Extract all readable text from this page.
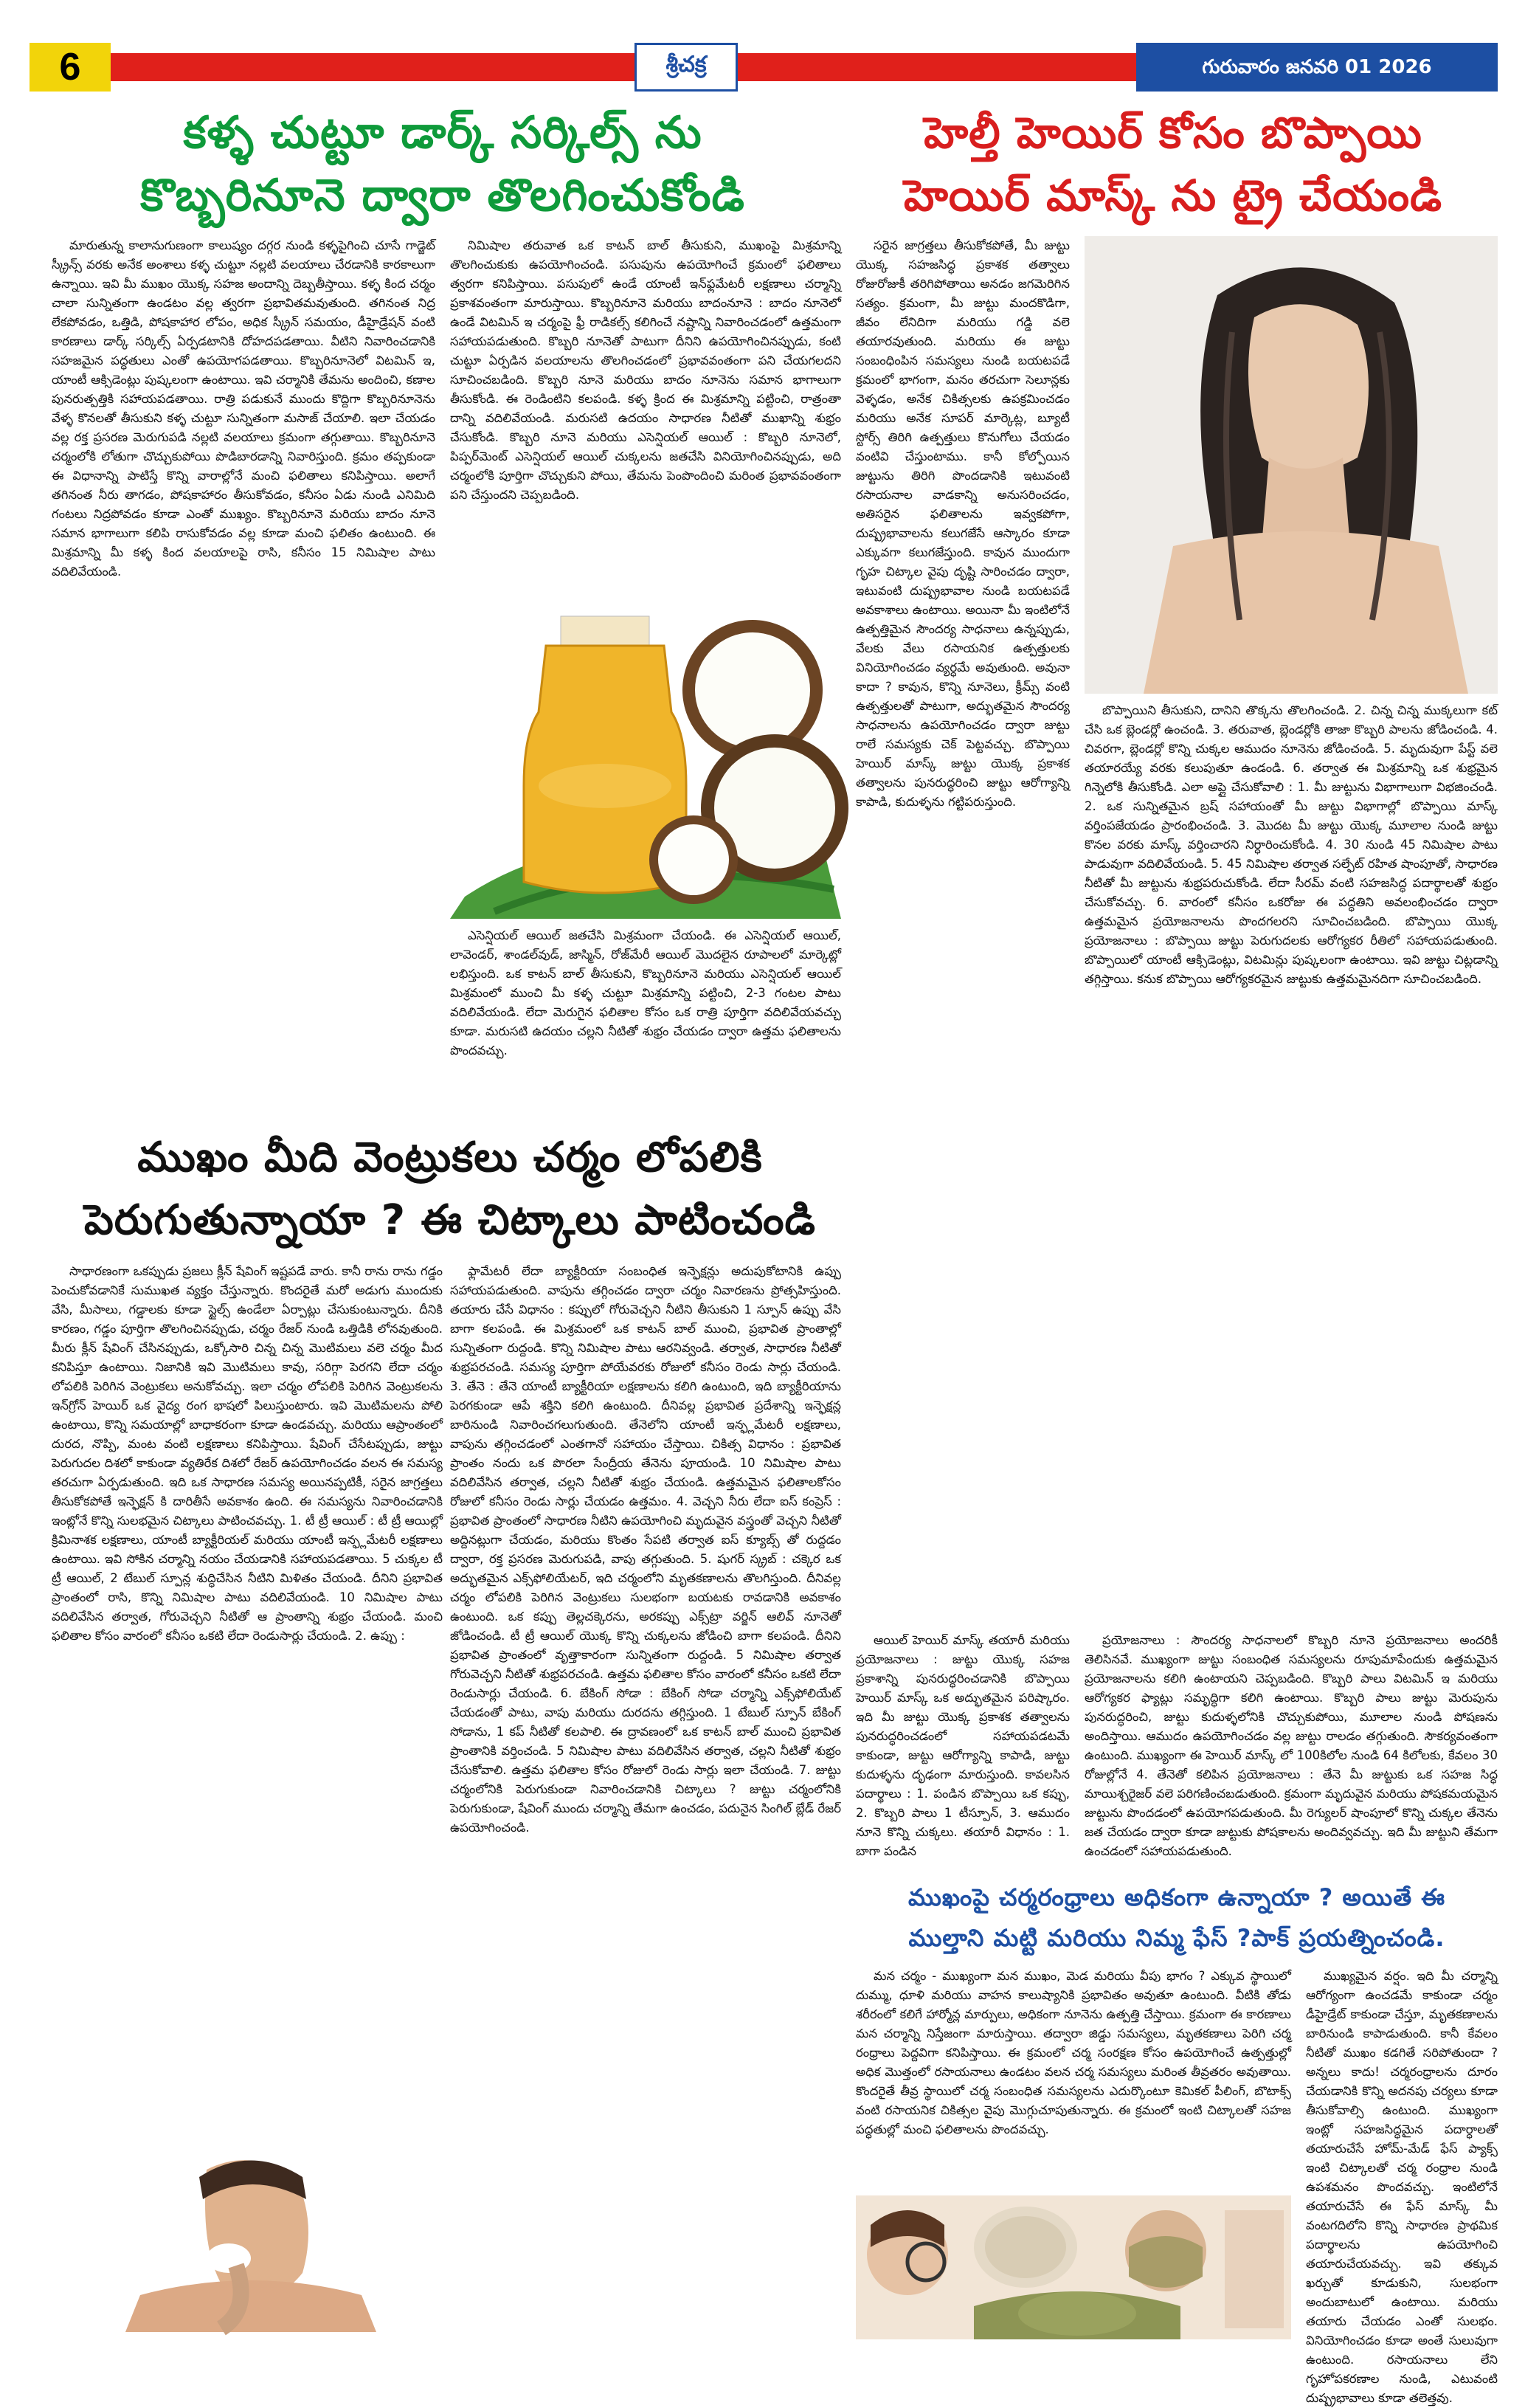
6	శ్రీచక్ర	గురువారం జనవరి 01 2026
కళ్ళ చుట్టూ డార్క్ సర్కిల్స్ ను
కొబ్బరినూనె ద్వారా తొలగించుకోండి
హెల్తీ హెయిర్ కోసం బొప్పాయి
హెయిర్ మాస్క్ ను ట్రై చేయండి

మారుతున్న కాలానుగుణంగా కాలుష్యం దగ్గర నుండి కళ్ళపైగించి చూసే గాడ్జెట్ స్క్రీన్స్ వరకు అనేక అంశాలు కళ్ళ చుట్టూ నల్లటి వలయాలు చేరడానికి కారకాలుగా ఉన్నాయి. ఇవి మీ ముఖం యొక్క సహజ అందాన్ని దెబ్బతీస్తాయి. కళ్ళ కింద చర్మం చాలా సున్నితంగా ఉండటం వల్ల త్వరగా ప్రభావితమవుతుంది. తగినంత నిద్ర లేకపోవడం, ఒత్తిడి, పోషకాహార లోపం, అధిక స్క్రీన్ సమయం, డీహైడ్రేషన్ వంటి కారణాలు డార్క్ సర్కిల్స్ ఏర్పడటానికి దోహదపడతాయి. వీటిని నివారించడానికి సహజమైన పద్ధతులు ఎంతో ఉపయోగపడతాయి. కొబ్బరినూనెలో విటమిన్ ఇ, యాంటీ ఆక్సిడెంట్లు పుష్కలంగా ఉంటాయి. ఇవి చర్మానికి తేమను అందించి, కణాల పునరుత్పత్తికి సహాయపడతాయి. రాత్రి పడుకునే ముందు కొద్దిగా కొబ్బరినూనెను వేళ్ళ కొనలతో తీసుకుని కళ్ళ చుట్టూ సున్నితంగా మసాజ్ చేయాలి. ఇలా చేయడం వల్ల రక్త ప్రసరణ మెరుగుపడి నల్లటి వలయాలు క్రమంగా తగ్గుతాయి. కొబ్బరినూనె చర్మంలోకి లోతుగా చొచ్చుకుపోయి పొడిబారడాన్ని నివారిస్తుంది. క్రమం తప్పకుండా ఈ విధానాన్ని పాటిస్తే కొన్ని వారాల్లోనే మంచి ఫలితాలు కనిపిస్తాయి. అలాగే తగినంత నీరు తాగడం, పోషకాహారం తీసుకోవడం, కనీసం ఏడు నుండి ఎనిమిది గంటలు నిద్రపోవడం కూడా ఎంతో ముఖ్యం. కొబ్బరినూనె మరియు బాదం నూనె సమాన భాగాలుగా కలిపి రాసుకోవడం వల్ల కూడా మంచి ఫలితం ఉంటుంది. ఈ మిశ్రమాన్ని మీ కళ్ళ కింద వలయాలపై రాసి, కనీసం 15 నిమిషాల పాటు వదిలివేయండి.

నిమిషాల తరువాత ఒక కాటన్ బాల్ తీసుకుని, ముఖంపై మిశ్రమాన్ని తొలగించుకుకు ఉపయోగించండి. పసుపును ఉపయోగించే క్రమంలో ఫలితాలు త్వరగా కనిపిస్తాయి. పసుపులో ఉండే యాంటీ ఇన్‌ఫ్లమేటరీ లక్షణాలు చర్మాన్ని ప్రకాశవంతంగా మారుస్తాయి. కొబ్బరినూనె మరియు బాదంనూనె : బాదం నూనెలో ఉండే విటమిన్ ఇ చర్మంపై ఫ్రీ రాడికల్స్ కలిగించే నష్టాన్ని నివారించడంలో ఉత్తమంగా సహాయపడుతుంది. కొబ్బరి నూనెతో పాటుగా దీనిని ఉపయోగించినప్పుడు, కంటి చుట్టూ ఏర్పడిన వలయాలను తొలగించడంలో ప్రభావవంతంగా పని చేయగలదని సూచించబడింది. కొబ్బరి నూనె మరియు బాదం నూనెను సమాన భాగాలుగా తీసుకోండి. ఈ రెండింటిని కలపండి. కళ్ళ క్రింద ఈ మిశ్రమాన్ని పట్టించి, రాత్రంతా దాన్ని వదిలివేయండి. మరుసటి ఉదయం సాధారణ నీటితో ముఖాన్ని శుభ్రం చేసుకోండి. కొబ్బరి నూనె మరియు ఎసెన్షియల్ ఆయిల్ : కొబ్బరి నూనెలో, పిప్పర్‌మెంట్ ఎసెన్షియల్ ఆయిల్ చుక్కలను జతచేసి వినియోగించినప్పుడు, అది చర్మంలోకి పూర్తిగా చొచ్చుకుని పోయి, తేమను పెంపొందించి మరింత ప్రభావవంతంగా పని చేస్తుందని చెప్పబడింది.

ఎసెన్షియల్ ఆయిల్ జతచేసి మిశ్రమంగా చేయండి. ఈ ఎసెన్షియల్ ఆయిల్, లావెండర్, శాండల్‌వుడ్, జాస్మిన్, రోజ్‌మేరీ ఆయిల్ మొదలైన రూపాలలో మార్కెట్లో లభిస్తుంది. ఒక కాటన్ బాల్ తీసుకుని, కొబ్బరినూనె మరియు ఎసెన్షియల్ ఆయిల్ మిశ్రమంలో ముంచి మీ కళ్ళ చుట్టూ మిశ్రమాన్ని పట్టించి, 2-3 గంటల పాటు వదిలివేయండి. లేదా మెరుగైన ఫలితాల కోసం ఒక రాత్రి పూర్తిగా వదిలివేయవచ్చు కూడా. మరుసటి ఉదయం చల్లని నీటితో శుభ్రం చేయడం ద్వారా ఉత్తమ ఫలితాలను పొందవచ్చు.

సరైన జాగ్రత్తలు తీసుకోకపోతే, మీ జుట్టు యొక్క సహజసిద్ధ ప్రకాశక తత్వాలు రోజురోజుకీ తరిగిపోతాయి అనడం జగమెరిగిన సత్యం. క్రమంగా, మీ జుట్టు మందకొడిగా, జీవం లేనిదిగా మరియు గడ్డి వలె తయారవుతుంది. మరియు ఈ జుట్టు సంబంధింపిన సమస్యలు నుండి బయటపడే క్రమంలో భాగంగా, మనం తరచుగా సెలూన్లకు వెళ్ళడం, అనేక చికిత్సలకు ఉపక్రమించడం మరియు అనేక సూపర్ మార్కెట్ల, బ్యూటీ స్టోర్స్ తిరిగి ఉత్పత్తులు కొనుగోలు చేయడం వంటివి చేస్తుంటాము. కానీ కోల్పోయిన జుట్టును తిరిగి పొందడానికి ఇటువంటి రసాయనాల వాడకాన్ని అనుసరించడం, అతిసరైన ఫలితాలను ఇవ్వకపోగా, దుష్ప్రభావాలను కలుగజేసే ఆస్కారం కూడా ఎక్కువగా కలుగజేస్తుంది. కావున ముందుగా గృహ చిట్కాల వైపు దృష్టి సారించడం ద్వారా, ఇటువంటి దుష్ప్రభావాల నుండి బయటపడే అవకాశాలు ఉంటాయి. అయినా మీ ఇంటిలోనే ఉత్పత్తిమైన సౌందర్య సాధనాలు ఉన్నప్పుడు, వేలకు వేలు రసాయనిక ఉత్పత్తులకు వినియోగించడం వ్యర్ధమే అవుతుంది. అవునా కాదా ? కావున, కొన్ని నూనెలు, క్రీమ్స్ వంటి ఉత్పత్తులతో పాటుగా, అద్భుతమైన సౌందర్య సాధనాలను ఉపయోగించడం ద్వారా జుట్టు రాలే సమస్యకు చెక్ పెట్టవచ్చు. బొప్పాయి హెయిర్ మాస్క్ జుట్టు యొక్క ప్రకాశక తత్వాలను పునరుద్ధరించి జుట్టు ఆరోగ్యాన్ని కాపాడి, కుదుళ్ళను గట్టిపరుస్తుంది.

బొప్పాయిని తీసుకుని, దానిని తొక్కను తొలగించండి. 2. చిన్న చిన్న ముక్కలుగా కట్ చేసి ఒక బ్లెండర్లో ఉంచండి. 3. తరువాత, బ్లెండర్లోకి తాజా కొబ్బరి పాలను జోడించండి. 4. చివరగా, బ్లెండర్లో కొన్ని చుక్కల ఆముదం నూనెను జోడించండి. 5. మృదువుగా పేస్ట్ వలె తయారయ్యే వరకు కలుపుతూ ఉండండి. 6. తర్వాత ఈ మిశ్రమాన్ని ఒక శుభ్రమైన గిన్నెలోకి తీసుకోండి. ఎలా అప్లై చేసుకోవాలి : 1. మీ జుట్టును విభాగాలుగా విభజించండి. 2. ఒక సున్నితమైన బ్రష్ సహాయంతో మీ జుట్టు విభాగాల్లో బొప్పాయి మాస్క్ వర్తింపజేయడం ప్రారంభించండి. 3. మొదట మీ జుట్టు యొక్క మూలాల నుండి జుట్టు కొనల వరకు మాస్క్ వర్తించారని నిర్ధారించుకోండి. 4. 30 నుండి 45 నిమిషాల పాటు పాడువుగా వదిలివేయండి. 5. 45 నిమిషాల తర్వాత సల్ఫేట్ రహిత షాంపూతో, సాధారణ నీటితో మీ జుట్టును శుభ్రపరుచుకోండి. లేదా సీరమ్ వంటి సహజసిద్ధ పదార్థాలతో శుభ్రం చేసుకోవచ్చు. 6. వారంలో కనీసం ఒకరోజు ఈ పద్ధతిని అవలంభించడం ద్వారా ఉత్తమమైన ప్రయోజనాలను పొందగలరని సూచించబడింది. బొప్పాయి యొక్క ప్రయోజనాలు : బొప్పాయి జుట్టు పెరుగుదలకు ఆరోగ్యకర రీతిలో సహాయపడుతుంది. బొప్పాయిలో యాంటీ ఆక్సిడెంట్లు, విటమిన్లు పుష్కలంగా ఉంటాయి. ఇవి జుట్టు చిట్లడాన్ని తగ్గిస్తాయి. కనుక బొప్పాయి ఆరోగ్యకరమైన జుట్టుకు ఉత్తమమైనదిగా సూచించబడింది.

ముఖం మీది వెంట్రుకలు చర్మం లోపలికి
పెరుగుతున్నాయా ? ఈ చిట్కాలు పాటించండి

సాధారణంగా ఒకప్పుడు ప్రజలు క్లీన్ షేవింగ్ ఇష్టపడే వారు. కానీ రాను రాను గడ్డం పెంచుకోవడానికే సుముఖత వ్యక్తం చేస్తున్నారు. కొందరైతే మరో అడుగు ముందుకు వేసి, మీసాలు, గడ్డాలకు కూడా స్టైల్స్ ఉండేలా ఏర్పాట్లు చేసుకుంటున్నారు. దీనికి కారణం, గడ్డం పూర్తిగా తొలగించినప్పుడు, చర్మం రేజర్ నుండి ఒత్తిడికి లోనవుతుంది. మీరు క్లీన్ షేవింగ్ చేసినప్పుడు, ఒక్కోసారి చిన్న చిన్న మొటిమలు వలె చర్మం మీద కనిపిస్తూ ఉంటాయి. నిజానికి ఇవి మొటిమలు కావు, సరిగ్గా పెరగని లేదా చర్మం లోపలికి పెరిగిన వెంట్రుకలు అనుకోవచ్చు. ఇలా చర్మం లోపలికి పెరిగిన వెంట్రుకలను ఇన్‌గ్రోన్ హెయిర్ ఒక వైద్య రంగ భాషలో పిలుస్తుంటారు. ఇవి మొటిమలను పోలి ఉంటాయి, కొన్ని సమయాల్లో బాధాకరంగా కూడా ఉండవచ్చు. మరియు ఆప్రాంతంలో దురద, నొప్పి, మంట వంటి లక్షణాలు కనిపిస్తాయి. షేవింగ్ చేసేటప్పుడు, జుట్టు పెరుగుదల దిశలో కాకుండా వ్యతిరేక దిశలో రేజర్ ఉపయోగించడం వలన ఈ సమస్య తరచుగా ఏర్పడుతుంది. ఇది ఒక సాధారణ సమస్య అయినప్పటికీ, సరైన జాగ్రత్తలు తీసుకోకపోతే ఇన్ఫెక్షన్ కి దారితీసే అవకాశం ఉంది. ఈ సమస్యను నివారించడానికి ఇంట్లోనే కొన్ని సులభమైన చిట్కాలు పాటించవచ్చు. 1. టీ ట్రీ ఆయిల్ : టీ ట్రీ ఆయిల్లో క్రిమినాశక లక్షణాలు, యాంటీ బ్యాక్టీరియల్ మరియు యాంటీ ఇన్ఫ్లమేటరీ లక్షణాలు ఉంటాయి. ఇవి సోకిన చర్మాన్ని నయం చేయడానికి సహాయపడతాయి. 5 చుక్కల టీ ట్రీ ఆయిల్, 2 టేబుల్ స్పూన్ల శుద్ధిచేసిన నీటిని మిళితం చేయండి. దీనిని ప్రభావిత ప్రాంతంలో రాసి, కొన్ని నిమిషాల పాటు వదిలివేయండి. 10 నిమిషాల పాటు వదిలివేసిన తర్వాత, గోరువెచ్చని నీటితో ఆ ప్రాంతాన్ని శుభ్రం చేయండి. మంచి ఫలితాల కోసం వారంలో కనీసం ఒకటి లేదా రెండుసార్లు చేయండి. 2. ఉప్పు :

ఫ్లామేటరీ లేదా బ్యాక్టీరియా సంబంధిత ఇన్ఫెక్షన్లు అదుపుకోటానికి ఉప్పు సహాయపడుతుంది. వాపును తగ్గించడం ద్వారా చర్మం నివారణను ప్రోత్సహిస్తుంది. తయారు చేసే విధానం : కప్పులో గోరువెచ్చని నీటిని తీసుకుని 1 స్పూన్ ఉప్పు వేసి బాగా కలపండి. ఈ మిశ్రమంలో ఒక కాటన్ బాల్ ముంచి, ప్రభావిత ప్రాంతాల్లో సున్నితంగా రుద్దండి. కొన్ని నిమిషాల పాటు ఆరనివ్వండి. తర్వాత, సాధారణ నీటితో శుభ్రపరచండి. సమస్య పూర్తిగా పోయేవరకు రోజులో కనీసం రెండు సార్లు చేయండి. 3. తేనె : తేనె యాంటీ బ్యాక్టీరియా లక్షణాలను కలిగి ఉంటుంది, ఇది బ్యాక్టీరియాను పెరగకుండా ఆపే శక్తిని కలిగి ఉంటుంది. దీనివల్ల ప్రభావిత ప్రదేశాన్ని ఇన్ఫెక్షన్ల బారినుండి నివారించగలుగుతుంది. తేనెలోని యాంటీ ఇన్ఫ్లమేటరీ లక్షణాలు, వాపును తగ్గించడంలో ఎంతగానో సహాయం చేస్తాయి. చికిత్స విధానం : ప్రభావిత ప్రాంతం నందు ఒక పొరలా సేంద్రీయ తేనెను పూయండి. 10 నిమిషాల పాటు వదిలివేసిన తర్వాత, చల్లని నీటితో శుభ్రం చేయండి. ఉత్తమమైన ఫలితాలకోసం రోజులో కనీసం రెండు సార్లు చేయడం ఉత్తమం. 4. వెచ్చని నీరు లేదా ఐస్ కంప్రెస్ : ప్రభావిత ప్రాంతంలో సాధారణ నీటిని ఉపయోగించి మృదువైన వస్త్రంతో వెచ్చని నీటితో అద్దినట్లుగా చేయడం, మరియు కొంతం సేపటి తర్వాత ఐస్ క్యూబ్స్ తో రుద్దడం ద్వారా, రక్త ప్రసరణ మెరుగుపడి, వాపు తగ్గుతుంది. 5. షుగర్ స్క్రబ్ : చక్కెర ఒక అద్భుతమైన ఎక్స్‌ఫోలియేటర్, ఇది చర్మంలోని మృతకణాలను తొలగిస్తుంది. దీనివల్ల చర్మం లోపలికి పెరిగిన వెంట్రుకలు సులభంగా బయటకు రావడానికి అవకాశం ఉంటుంది. ఒక కప్పు తెల్లచక్కెరను, అరకప్పు ఎక్స్‌ట్రా వర్జిన్ ఆలివ్ నూనెతో జోడించండి. టీ ట్రీ ఆయిల్ యొక్క కొన్ని చుక్కలను జోడించి బాగా కలపండి. దీనిని ప్రభావిత ప్రాంతంలో వృత్తాకారంగా సున్నితంగా రుద్దండి. 5 నిమిషాల తర్వాత గోరువెచ్చని నీటితో శుభ్రపరచండి. ఉత్తమ ఫలితాల కోసం వారంలో కనీసం ఒకటి లేదా రెండుసార్లు చేయండి. 6. బేకింగ్ సోడా : బేకింగ్ సోడా చర్మాన్ని ఎక్స్‌ఫోలియేట్ చేయడంతో పాటు, వాపు మరియు దురదను తగ్గిస్తుంది. 1 టేబుల్ స్పూన్ బేకింగ్ సోడాను, 1 కప్ నీటితో కలపాలి. ఈ ద్రావణంలో ఒక కాటన్ బాల్ ముంచి ప్రభావిత ప్రాంతానికి వర్తించండి. 5 నిమిషాల పాటు వదిలివేసిన తర్వాత, చల్లని నీటితో శుభ్రం చేసుకోవాలి. ఉత్తమ ఫలితాల కోసం రోజులో రెండు సార్లు ఇలా చేయండి. 7. జుట్టు చర్మంలోనికి పెరుగుకుండా నివారించడానికి చిట్కాలు ? జుట్టు చర్మంలోనికి పెరుగుకుండా, షేవింగ్ ముందు చర్మాన్ని తేమగా ఉంచడం, పదునైన సింగిల్ బ్లేడ్ రేజర్ ఉపయోగించండి.

ఆయిల్ హెయిర్ మాస్క్ తయారీ మరియు ప్రయోజనాలు : జుట్టు యొక్క సహజ ప్రకాశాన్ని పునరుద్ధరించడానికి బొప్పాయి హెయిర్ మాస్క్ ఒక అద్భుతమైన పరిష్కారం. ఇది మీ జుట్టు యొక్క ప్రకాశక తత్వాలను పునరుద్ధరించడంలో సహాయపడటమే కాకుండా, జుట్టు ఆరోగ్యాన్ని కాపాడి, జుట్టు కుదుళ్ళను దృఢంగా మారుస్తుంది. కావలసిన పదార్థాలు : 1. పండిన బొప్పాయి ఒక కప్పు, 2. కొబ్బరి పాలు 1 టీస్పూన్, 3. ఆముదం నూనె కొన్ని చుక్కలు. తయారీ విధానం : 1. బాగా పండిన

ప్రయోజనాలు : సౌందర్య సాధనాలలో కొబ్బరి నూనె ప్రయోజనాలు అందరికీ తెలిసినవే. ముఖ్యంగా జుట్టు సంబంధిత సమస్యలను రూపుమాపేందుకు ఉత్తమమైన ప్రయోజనాలను కలిగి ఉంటాయని చెప్పబడింది. కొబ్బరి పాలు విటమిన్ ఇ మరియు ఆరోగ్యకర ఫ్యాట్లు సమృద్ధిగా కలిగి ఉంటాయి. కొబ్బరి పాలు జుట్టు మెరుపును పునరుద్ధరించి, జుట్టు కుదుళ్ళలోనికి చొచ్చుకుపోయి, మూలాల నుండి పోషణను అందిస్తాయి. ఆముదం ఉపయోగించడం వల్ల జుట్టు రాలడం తగ్గుతుంది. సౌకర్యవంతంగా ఉంటుంది. ముఖ్యంగా ఈ హెయిర్ మాస్క్ లో 100కిలోల నుండి 64 కిలోలకు, కేవలం 30 రోజుల్లోనే 4. తేనెతో కలిపిన ప్రయోజనాలు : తేనె మీ జుట్టుకు ఒక సహజ సిద్ధ మాయిశ్చరైజర్ వలె పరిగణించబడుతుంది. క్రమంగా మృదువైన మరియు పోషకమయమైన జుట్టును పొందడంలో ఉపయోగపడుతుంది. మీ రెగ్యులర్ షాంపూలో కొన్ని చుక్కల తేనెను జత చేయడం ద్వారా కూడా జుట్టుకు పోషకాలను అందివ్వవచ్చు. ఇది మీ జుట్టుని తేమగా ఉంచడంలో సహాయపడుతుంది.

ముఖంపై చర్మరంధ్రాలు అధికంగా ఉన్నాయా ? అయితే ఈ
ముల్తాని మట్టి మరియు నిమ్మ ఫేస్ ?పాక్ ప్రయత్నించండి.

మన చర్మం - ముఖ్యంగా మన ముఖం, మెడ మరియు వీపు భాగం ? ఎక్కువ స్థాయిలో దుమ్ము, ధూళి మరియు వాహన కాలుష్యానికి ప్రభావితం అవుతూ ఉంటుంది. వీటికి తోడు శరీరంలో కలిగే హార్మోన్ల మార్పులు, అధికంగా నూనెను ఉత్పత్తి చేస్తాయి. క్రమంగా ఈ కారణాలు మన చర్మాన్ని నిస్తేజంగా మారుస్తాయి. తద్వారా జిడ్డు సమస్యలు, మృతకణాలు పెరిగి చర్మ రంధ్రాలు పెద్దవిగా కనిపిస్తాయి. ఈ క్రమంలో చర్మ సంరక్షణ కోసం ఉపయోగించే ఉత్పత్తుల్లో అధిక మొత్తంలో రసాయనాలు ఉండటం వలన చర్మ సమస్యలు మరింత తీవ్రతరం అవుతాయి. కొందరైతే తీవ్ర స్థాయిలో చర్మ సంబంధిత సమస్యలను ఎదుర్కొంటూ కెమికల్ పీలింగ్, బొటాక్స్ వంటి రసాయనిక చికిత్సల వైపు మొగ్గుచూపుతున్నారు. ఈ క్రమంలో ఇంటి చిట్కాలతో సహజ పద్ధతుల్లో మంచి ఫలితాలను పొందవచ్చు.

ముఖ్యమైన వర్షం. ఇది మీ చర్మాన్ని ఆరోగ్యంగా ఉంచడమే కాకుండా చర్మం డీహైడ్రేట్ కాకుండా చేస్తూ, మృతకణాలను బారినుండి కాపాడుతుంది. కానీ కేవలం నీటితో ముఖం కడగితే సరిపోతుందా ? అన్నలు కాదు! చర్మరంధ్రాలను దూరం చేయడానికి కొన్ని అదనపు చర్యలు కూడా తీసుకోవాల్సి ఉంటుంది. ముఖ్యంగా ఇంట్లో సహజసిద్ధమైన పదార్ధాలతో తయారుచేసే హోమ్-మేడ్ ఫేస్ ప్యాక్స్ ఇంటి చిట్కాలతో చర్మ రంధ్రాల నుండి ఉపశమనం పొందవచ్చు. ఇంటిలోనే తయారుచేసే ఈ ఫేస్ మాస్క్ మీ వంటగదిలోని కొన్ని సాధారణ ప్రాథమిక పదార్థాలను ఉపయోగించి తయారుచేయవచ్చు. ఇవి తక్కువ ఖర్చుతో కూడుకుని, సులభంగా అందుబాటులో ఉంటాయి. మరియు తయారు చేయడం ఎంతో సులభం. వినియోగించడం కూడా అంతే సులువుగా ఉంటుంది. రసాయనాలు లేని గృహోపకరణాల నుండి, ఎటువంటి దుష్ప్రభావాలు కూడా తలెత్తవు.
